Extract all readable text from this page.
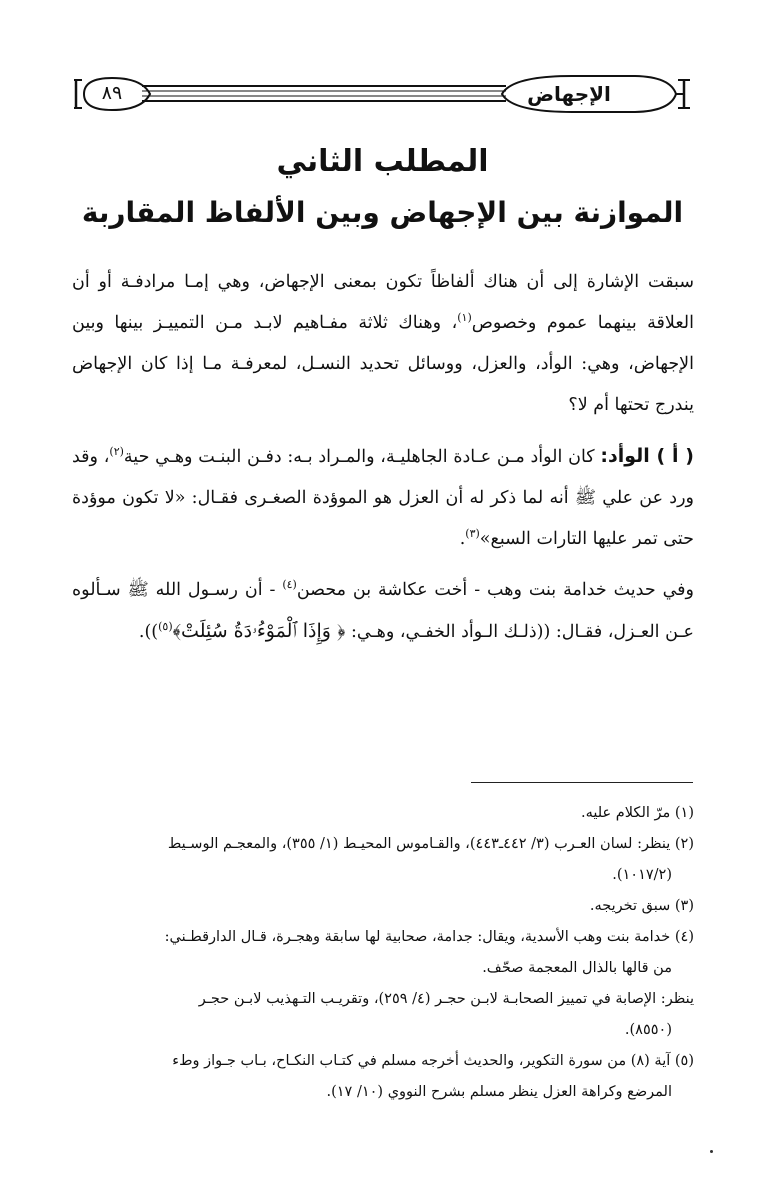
الإجهاض
٨٩
المطلب الثاني
الموازنة بين الإجهاض وبين الألفاظ المقاربة

سبقت الإشارة إلى أن هناك ألفاظاً تكون بمعنى الإجهاض، وهي إمـا مرادفـة أو أن العلاقة بينهما عموم وخصوص$^{(١)}$، وهناك ثلاثة مفـاهيم لابـد مـن التمييـز بينها وبين الإجهاض، وهي: الوأد، والعزل، ووسائل تحديد النسـل، لمعرفـة مـا إذا كان الإجهاض يندرج تحتها أم لا؟

( أ ) الوأد: كان الوأد مـن عـادة الجاهليـة، والمـراد بـه: دفـن البنـت وهـي حية$^{(٢)}$، وقد ورد عن علي ﷺ أنه لما ذكر له أن العزل هو الموؤدة الصغـرى فقـال: «لا تكون موؤدة حتى تمر عليها التارات السبع»$^{(٣)}$.

وفي حديث خدامة بنت وهب - أخت عكاشة بن محصن$^{(٤)}$ - أن رسـول الله ﷺ سـألوه عـن العـزل، فقـال: ((ذلـك الـوأد الخفـي، وهـي: ﴿ وَإِذَا ٱلْمَوْءُۥدَةُ سُئِلَتْ﴾$^{(٥)}$)).

(١) مرّ الكلام عليه.
(٢) ينظر: لسان العـرب (٣/ ٤٤٢ـ٤٤٣)، والقـاموس المحيـط (١/ ٣٥٥)، والمعجـم الوسـيط
(١٠١٧/٢).
(٣) سبق تخريجه.
(٤) خدامة بنت وهب الأسدية، ويقال: جدامة، صحابية لها سابقة وهجـرة، قـال الدارقطـني:
من قالها بالذال المعجمة صحّف.
ينظر: الإصابة في تمييز الصحابـة لابـن حجـر (٤/ ٢٥٩)، وتقريـب التـهذيب لابـن حجـر
(٨٥٥٠).
(٥) آية (٨) من سورة التكوير، والحديث أخرجه مسلم في كتـاب النكـاح، بـاب جـواز وطء
المرضع وكراهة العزل ينظر مسلم بشرح النووي (١٠/ ١٧).
